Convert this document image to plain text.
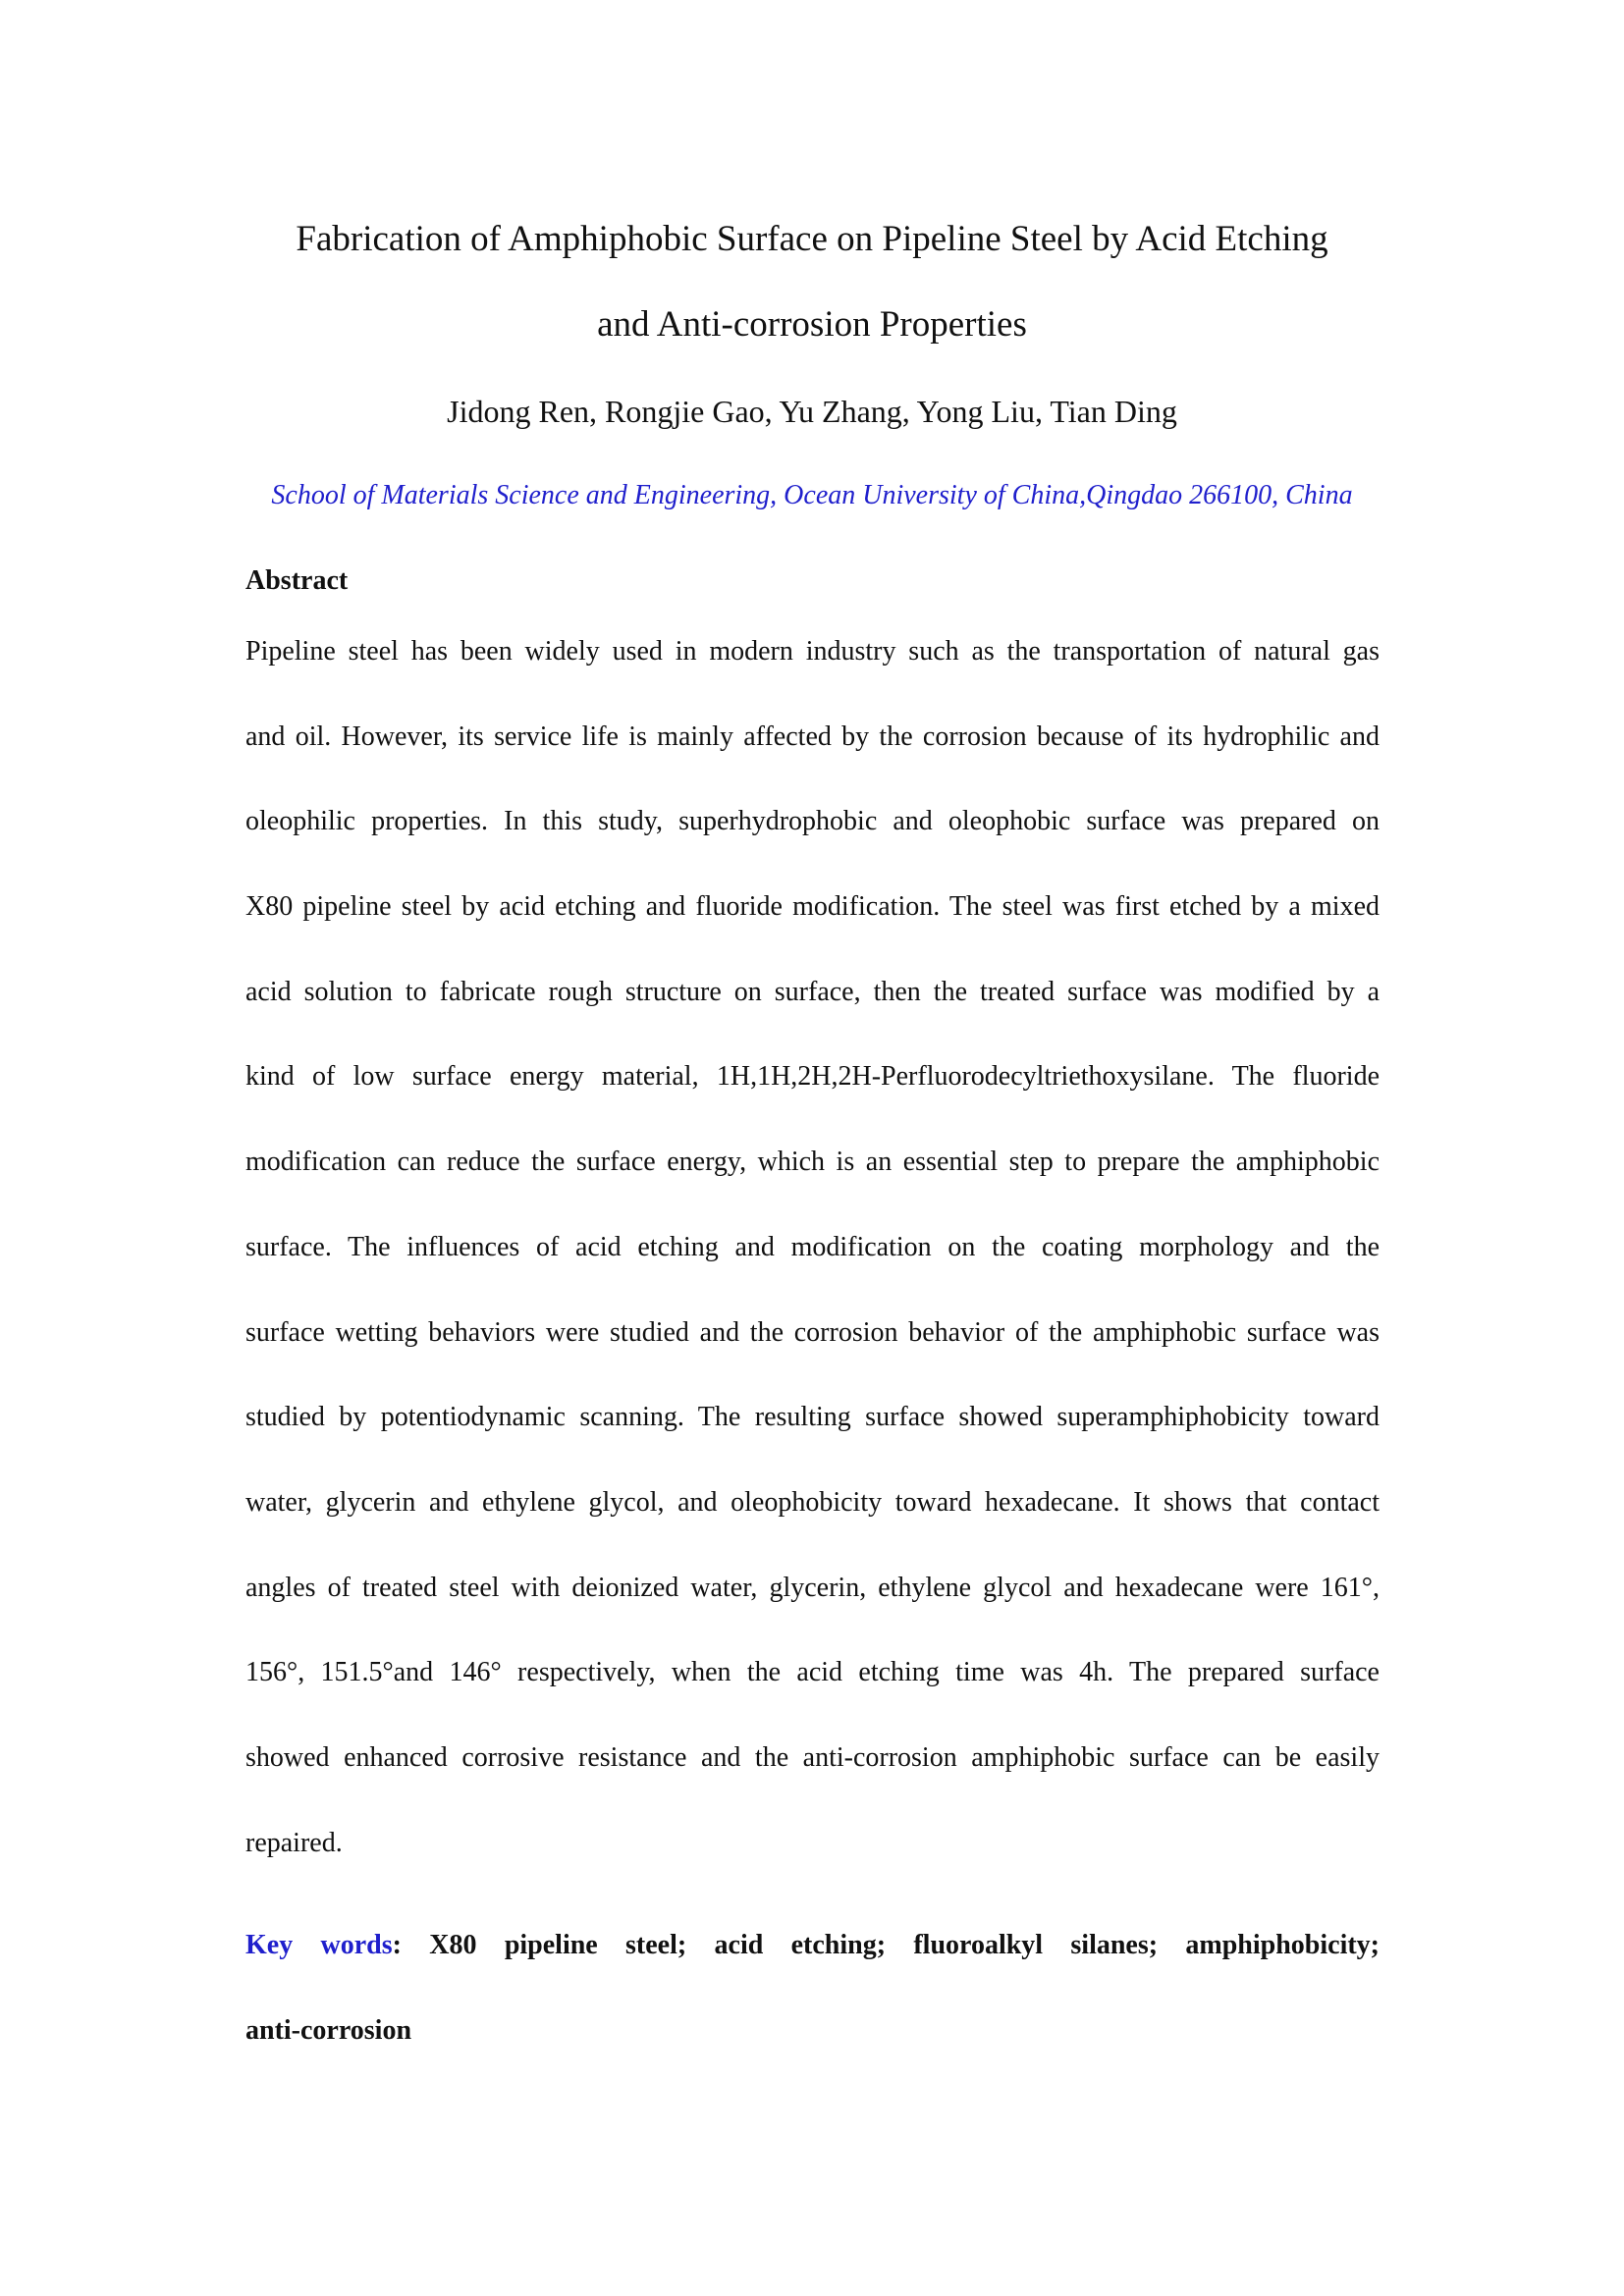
Fabrication of Amphiphobic Surface on Pipeline Steel by Acid Etching
and Anti-corrosion Properties

Jidong Ren, Rongjie Gao, Yu Zhang, Yong Liu, Tian Ding

School of Materials Science and Engineering, Ocean University of China,Qingdao 266100, China

Abstract
Pipeline steel has been widely used in modern industry such as the transportation of natural gas
and oil. However, its service life is mainly affected by the corrosion because of its hydrophilic and
oleophilic properties. In this study, superhydrophobic and oleophobic surface was prepared on
X80 pipeline steel by acid etching and fluoride modification. The steel was first etched by a mixed
acid solution to fabricate rough structure on surface, then the treated surface was modified by a
kind of low surface energy material, 1H,1H,2H,2H-Perfluorodecyltriethoxysilane. The fluoride
modification can reduce the surface energy, which is an essential step to prepare the amphiphobic
surface. The influences of acid etching and modification on the coating morphology and the
surface wetting behaviors were studied and the corrosion behavior of the amphiphobic surface was
studied by potentiodynamic scanning. The resulting surface showed superamphiphobicity toward
water, glycerin and ethylene glycol, and oleophobicity toward hexadecane. It shows that contact
angles of treated steel with deionized water, glycerin, ethylene glycol and hexadecane were 161°,
156°, 151.5°and 146° respectively, when the acid etching time was 4h. The prepared surface
showed enhanced corrosive resistance and the anti-corrosion amphiphobic surface can be easily
repaired.
Key words: X80 pipeline steel; acid etching; fluoroalkyl silanes; amphiphobicity;
anti-corrosion
